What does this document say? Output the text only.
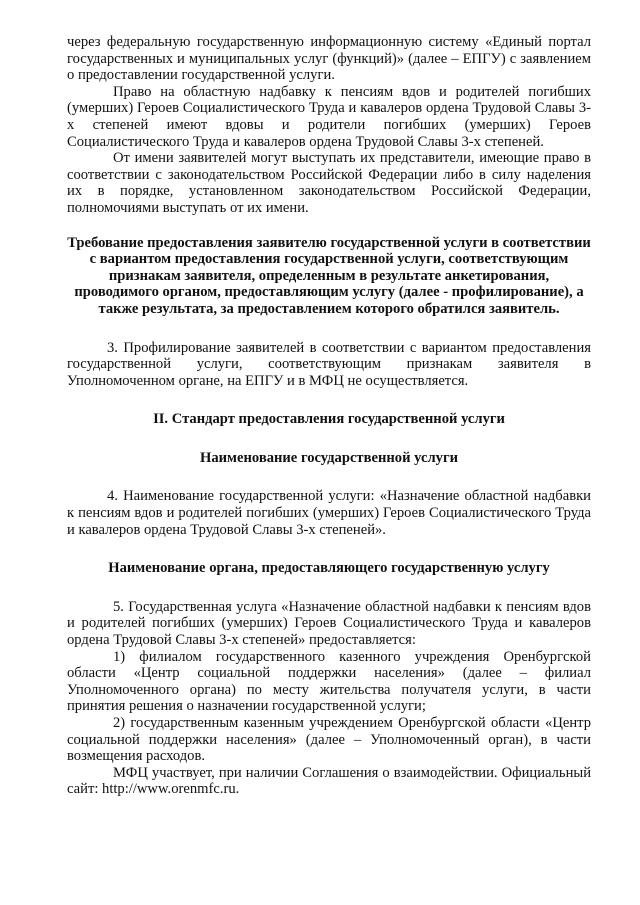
через федеральную государственную информационную систему «Единый портал государственных и муниципальных услуг (функций)» (далее – ЕПГУ) с заявлением о предоставлении государственной услуги.

Право на областную надбавку к пенсиям вдов и родителей погибших (умерших) Героев Социалистического Труда и кавалеров ордена Трудовой Славы 3-х степеней имеют вдовы и родители погибших (умерших) Героев Социалистического Труда и кавалеров ордена Трудовой Славы 3-х степеней.

От имени заявителей могут выступать их представители, имеющие право в соответствии с законодательством Российской Федерации либо в силу наделения их в порядке, установленном законодательством Российской Федерации, полномочиями выступать от их имени.

Требование предоставления заявителю государственной услуги в соответствии с вариантом предоставления государственной услуги, соответствующим признакам заявителя, определенным в результате анкетирования, проводимого органом, предоставляющим услугу (далее - профилирование), а также результата, за предоставлением которого обратился заявитель.

3. Профилирование заявителей в соответствии с вариантом предоставления государственной услуги, соответствующим признакам заявителя в Уполномоченном органе, на ЕПГУ и в МФЦ не осуществляется.

II. Стандарт предоставления государственной услуги

Наименование государственной услуги

4. Наименование государственной услуги: «Назначение областной надбавки к пенсиям вдов и родителей погибших (умерших) Героев Социалистического Труда и кавалеров ордена Трудовой Славы 3-х степеней».

Наименование органа, предоставляющего государственную услугу

5. Государственная услуга «Назначение областной надбавки к пенсиям вдов и родителей погибших (умерших) Героев Социалистического Труда и кавалеров ордена Трудовой Славы 3-х степеней» предоставляется:

1) филиалом государственного казенного учреждения Оренбургской области «Центр социальной поддержки населения» (далее – филиал Уполномоченного органа) по месту жительства получателя услуги, в части принятия решения о назначении государственной услуги;

2) государственным казенным учреждением Оренбургской области «Центр социальной поддержки населения» (далее – Уполномоченный орган), в части возмещения расходов.

МФЦ участвует, при наличии Соглашения о взаимодействии. Официальный сайт: http://www.orenmfc.ru.
